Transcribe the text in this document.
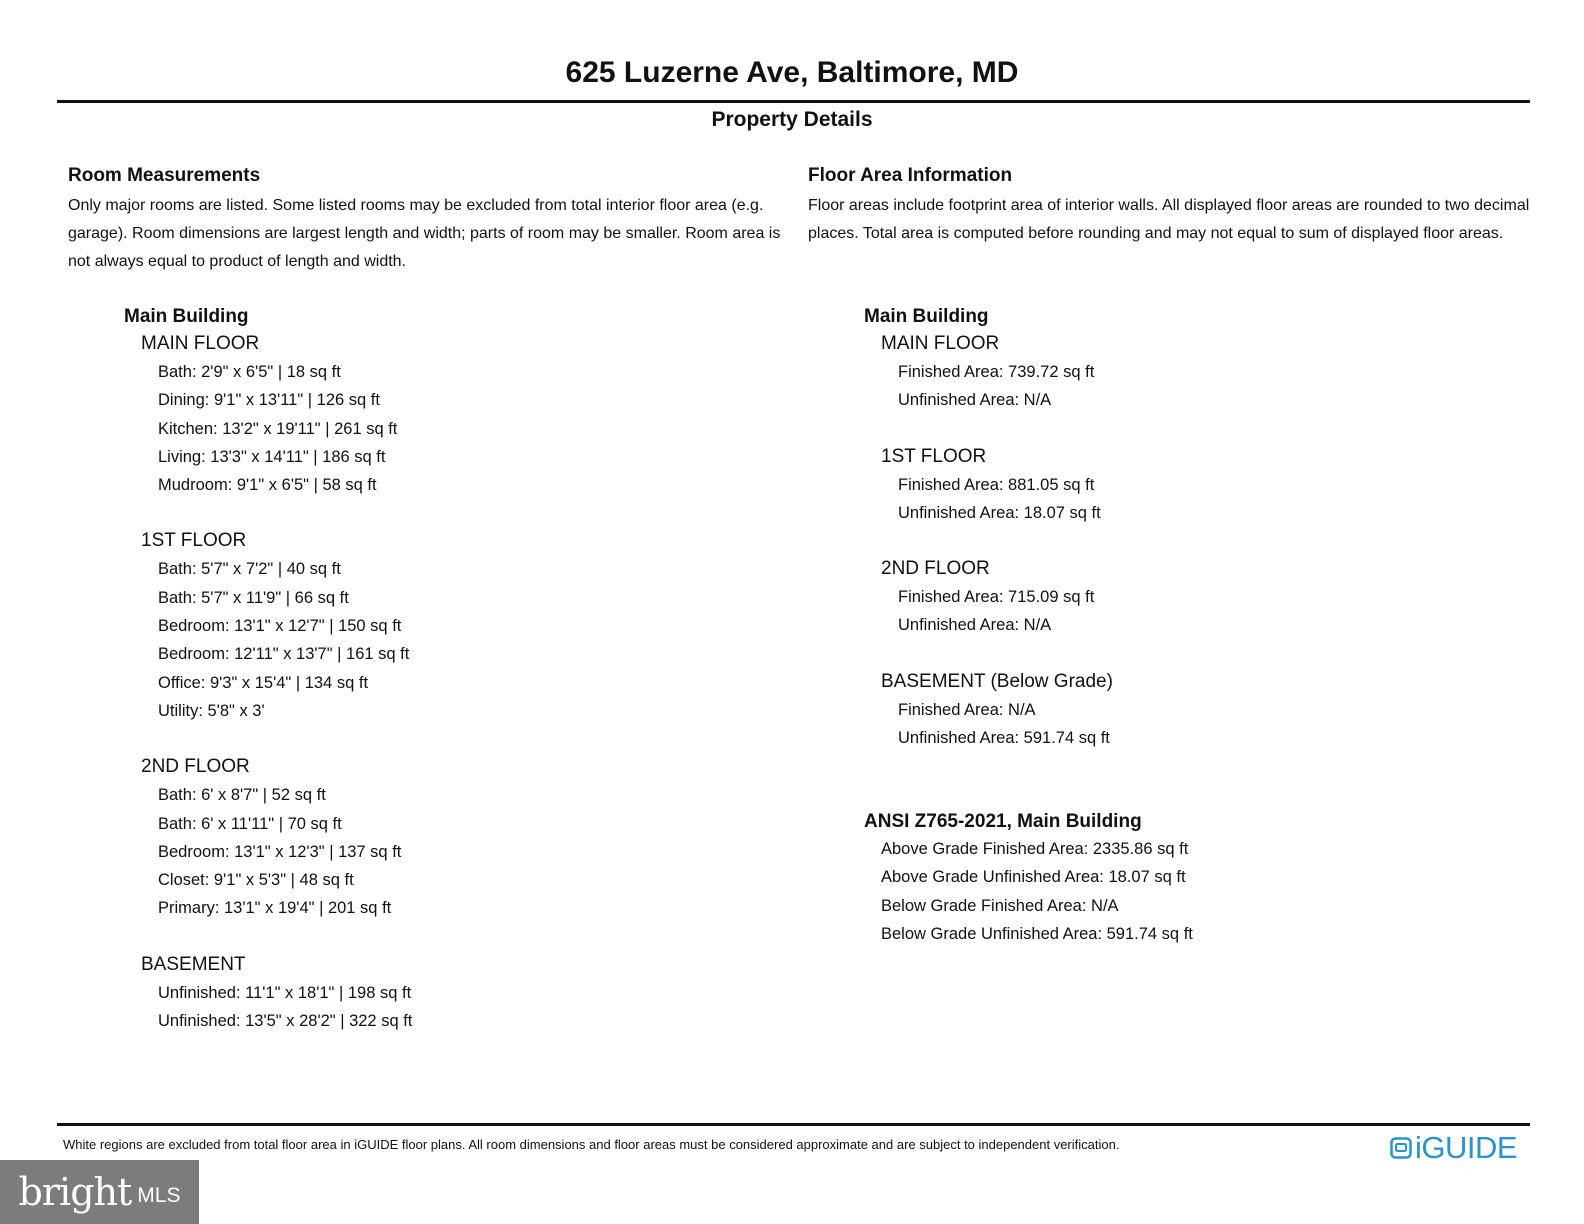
625 Luzerne Ave, Baltimore, MD
Property Details
Room Measurements
Only major rooms are listed. Some listed rooms may be excluded from total interior floor area (e.g. garage). Room dimensions are largest length and width; parts of room may be smaller. Room area is not always equal to product of length and width.
Main Building
MAIN FLOOR
Bath: 2'9" x 6'5" | 18 sq ft
Dining: 9'1" x 13'11" | 126 sq ft
Kitchen: 13'2" x 19'11" | 261 sq ft
Living: 13'3" x 14'11" | 186 sq ft
Mudroom: 9'1" x 6'5" | 58 sq ft
1ST FLOOR
Bath: 5'7" x 7'2" | 40 sq ft
Bath: 5'7" x 11'9" | 66 sq ft
Bedroom: 13'1" x 12'7" | 150 sq ft
Bedroom: 12'11" x 13'7" | 161 sq ft
Office: 9'3" x 15'4" | 134 sq ft
Utility: 5'8" x 3'
2ND FLOOR
Bath: 6' x 8'7" | 52 sq ft
Bath: 6' x 11'11" | 70 sq ft
Bedroom: 13'1" x 12'3" | 137 sq ft
Closet: 9'1" x 5'3" | 48 sq ft
Primary: 13'1" x 19'4" | 201 sq ft
BASEMENT
Unfinished: 11'1" x 18'1" | 198 sq ft
Unfinished: 13'5" x 28'2" | 322 sq ft
Floor Area Information
Floor areas include footprint area of interior walls. All displayed floor areas are rounded to two decimal places. Total area is computed before rounding and may not equal to sum of displayed floor areas.
Main Building
MAIN FLOOR
Finished Area: 739.72 sq ft
Unfinished Area: N/A
1ST FLOOR
Finished Area: 881.05 sq ft
Unfinished Area: 18.07 sq ft
2ND FLOOR
Finished Area: 715.09 sq ft
Unfinished Area: N/A
BASEMENT (Below Grade)
Finished Area: N/A
Unfinished Area: 591.74 sq ft
ANSI Z765-2021, Main Building
Above Grade Finished Area: 2335.86 sq ft
Above Grade Unfinished Area: 18.07 sq ft
Below Grade Finished Area: N/A
Below Grade Unfinished Area: 591.74 sq ft
White regions are excluded from total floor area in iGUIDE floor plans. All room dimensions and floor areas must be considered approximate and are subject to independent verification.	iGUIDE
bright MLS
